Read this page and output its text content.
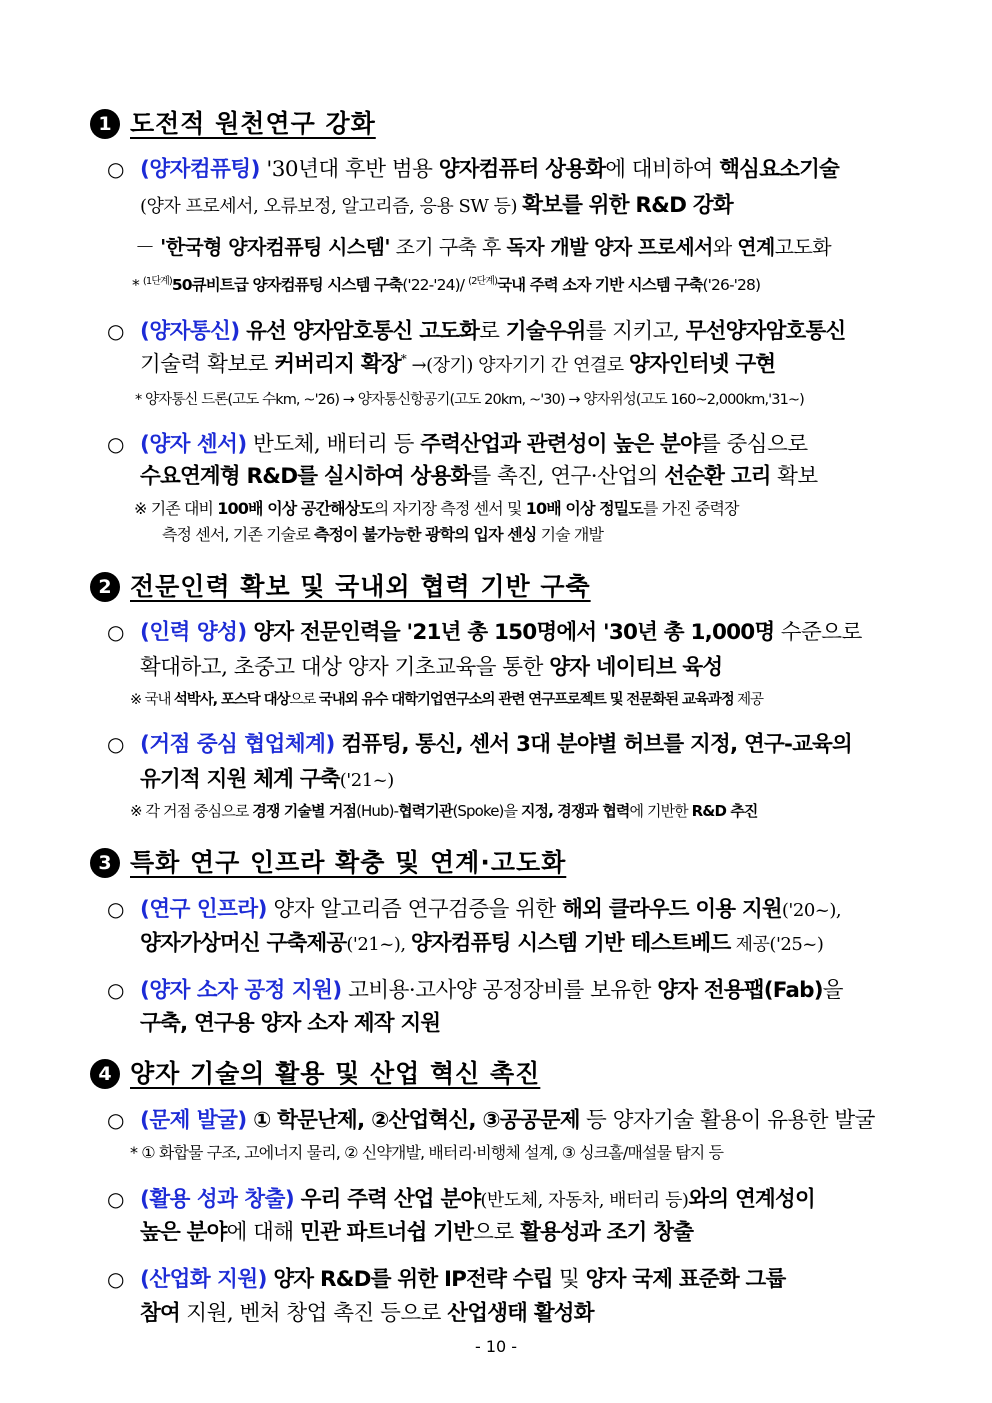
1 도전적 원천연구 강화
○ (양자컴퓨팅) '30년대 후반 범용 양자컴퓨터 상용화에 대비하여 핵심요소기술
(양자 프로세서, 오류보정, 알고리즘, 응용 SW 등) 확보를 위한 R&D 강화
－ '한국형 양자컴퓨팅 시스템' 조기 구축 후 독자 개발 양자 프로세서와 연계고도화
* $^{(1단계)}$50큐비트급 양자컴퓨팅 시스템 구축('22-'24)/ $^{(2단계)}$국내 주력 소자 기반 시스템 구축('26-'28)
○ (양자통신) 유선 양자암호통신 고도화로 기술우위를 지키고, 무선양자암호통신
기술력 확보로 커버리지 확장* →(장기) 양자기기 간 연결로 양자인터넷 구현
* 양자통신 드론(고도 수km, ~'26) → 양자통신항공기(고도 20km, ~'30) → 양자위성(고도 160~2,000km,'31~)
○ (양자 센서) 반도체, 배터리 등 주력산업과 관련성이 높은 분야를 중심으로
수요연계형 R&D를 실시하여 상용화를 촉진, 연구·산업의 선순환 고리 확보
※ 기존 대비 100배 이상 공간해상도의 자기장 측정 센서 및 10배 이상 정밀도를 가진 중력장
측정 센서, 기존 기술로 측정이 불가능한 광학의 입자 센싱 기술 개발
2 전문인력 확보 및 국내외 협력 기반 구축
○ (인력 양성) 양자 전문인력을 '21년 총 150명에서 '30년 총 1,000명 수준으로
확대하고, 초중고 대상 양자 기초교육을 통한 양자 네이티브 육성
※ 국내 석박사, 포스닥 대상으로 국내외 유수 대학기업연구소의 관련 연구프로젝트 및 전문화된 교육과정 제공
○ (거점 중심 협업체계) 컴퓨팅, 통신, 센서 3대 분야별 허브를 지정, 연구-교육의
유기적 지원 체계 구축('21~)
※ 각 거점 중심으로 경쟁 기술별 거점(Hub)-협력기관(Spoke)을 지정, 경쟁과 협력에 기반한 R&D 추진
3 특화 연구 인프라 확충 및 연계·고도화
○ (연구 인프라) 양자 알고리즘 연구검증을 위한 해외 클라우드 이용 지원('20~),
양자가상머신 구축제공('21~), 양자컴퓨팅 시스템 기반 테스트베드 제공('25~)
○ (양자 소자 공정 지원) 고비용·고사양 공정장비를 보유한 양자 전용팹(Fab)을
구축, 연구용 양자 소자 제작 지원
4 양자 기술의 활용 및 산업 혁신 촉진
○ (문제 발굴) ① 학문난제, ②산업혁신, ③공공문제 등 양자기술 활용이 유용한 발굴
* ① 화합물 구조, 고에너지 물리, ② 신약개발, 배터리·비행체 설계, ③ 싱크홀/매설물 탐지 등
○ (활용 성과 창출) 우리 주력 산업 분야(반도체, 자동차, 배터리 등)와의 연계성이
높은 분야에 대해 민관 파트너쉽 기반으로 활용성과 조기 창출
○ (산업화 지원) 양자 R&D를 위한 IP전략 수립 및 양자 국제 표준화 그룹
참여 지원, 벤처 창업 촉진 등으로 산업생태 활성화
- 10 -
